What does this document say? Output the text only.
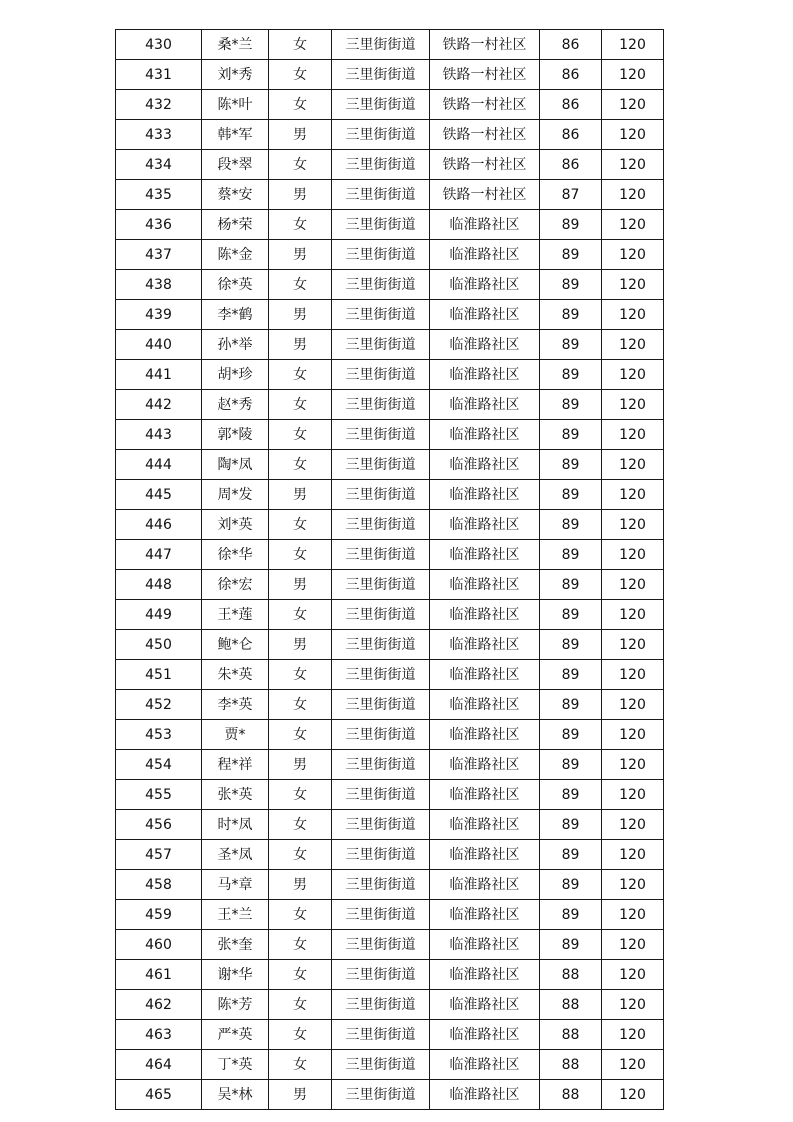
430	桑*兰	女	三里街街道	铁路一村社区	86	120
431	刘*秀	女	三里街街道	铁路一村社区	86	120
432	陈*叶	女	三里街街道	铁路一村社区	86	120
433	韩*军	男	三里街街道	铁路一村社区	86	120
434	段*翠	女	三里街街道	铁路一村社区	86	120
435	蔡*安	男	三里街街道	铁路一村社区	87	120
436	杨*荣	女	三里街街道	临淮路社区	89	120
437	陈*金	男	三里街街道	临淮路社区	89	120
438	徐*英	女	三里街街道	临淮路社区	89	120
439	李*鹤	男	三里街街道	临淮路社区	89	120
440	孙*举	男	三里街街道	临淮路社区	89	120
441	胡*珍	女	三里街街道	临淮路社区	89	120
442	赵*秀	女	三里街街道	临淮路社区	89	120
443	郭*陵	女	三里街街道	临淮路社区	89	120
444	陶*凤	女	三里街街道	临淮路社区	89	120
445	周*发	男	三里街街道	临淮路社区	89	120
446	刘*英	女	三里街街道	临淮路社区	89	120
447	徐*华	女	三里街街道	临淮路社区	89	120
448	徐*宏	男	三里街街道	临淮路社区	89	120
449	王*莲	女	三里街街道	临淮路社区	89	120
450	鲍*仑	男	三里街街道	临淮路社区	89	120
451	朱*英	女	三里街街道	临淮路社区	89	120
452	李*英	女	三里街街道	临淮路社区	89	120
453	贾*	女	三里街街道	临淮路社区	89	120
454	程*祥	男	三里街街道	临淮路社区	89	120
455	张*英	女	三里街街道	临淮路社区	89	120
456	时*凤	女	三里街街道	临淮路社区	89	120
457	圣*凤	女	三里街街道	临淮路社区	89	120
458	马*章	男	三里街街道	临淮路社区	89	120
459	王*兰	女	三里街街道	临淮路社区	89	120
460	张*奎	女	三里街街道	临淮路社区	89	120
461	谢*华	女	三里街街道	临淮路社区	88	120
462	陈*芳	女	三里街街道	临淮路社区	88	120
463	严*英	女	三里街街道	临淮路社区	88	120
464	丁*英	女	三里街街道	临淮路社区	88	120
465	吴*林	男	三里街街道	临淮路社区	88	120
